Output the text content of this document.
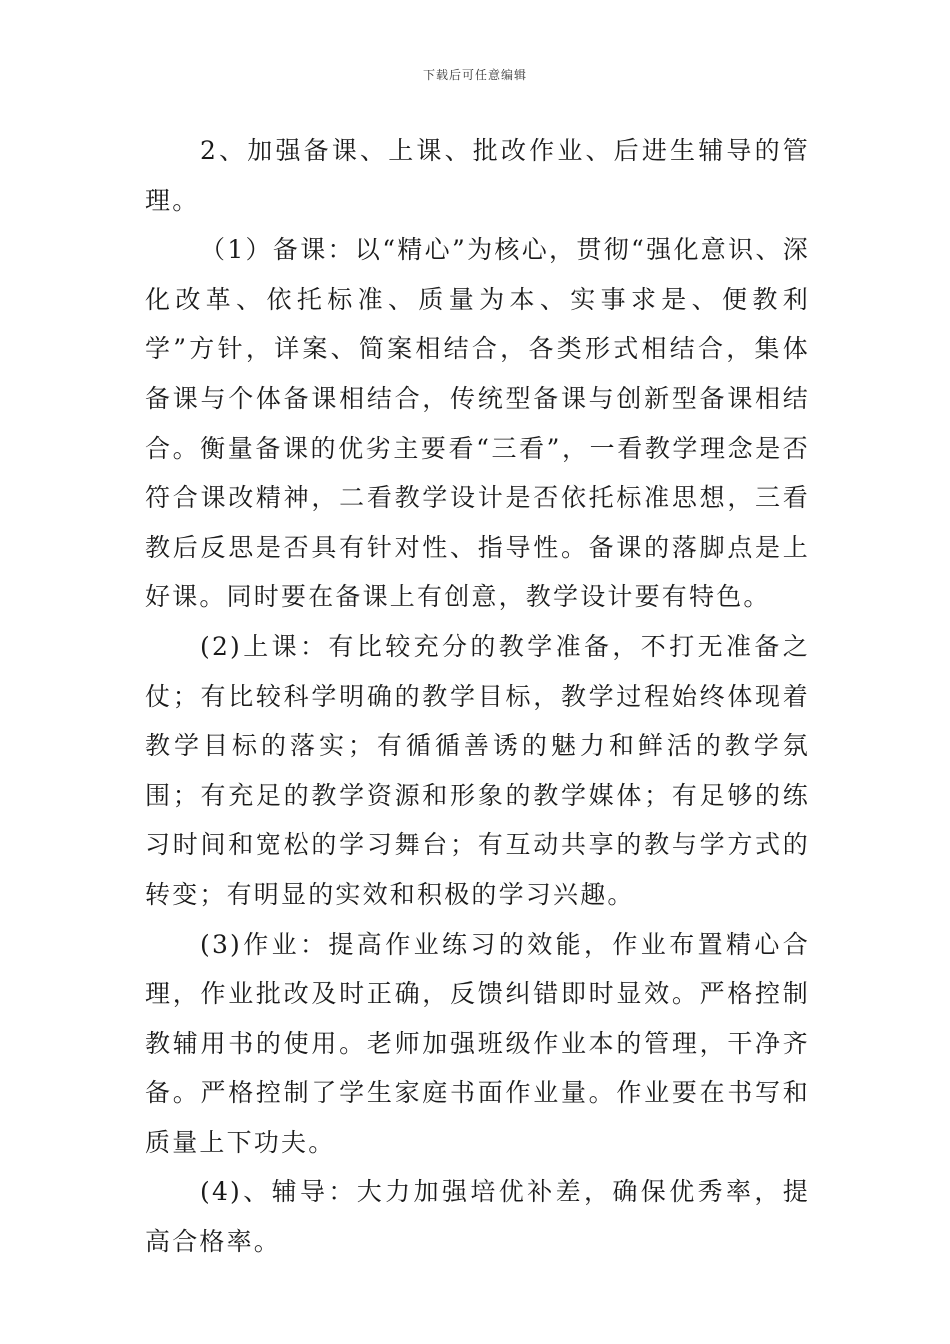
下载后可任意编辑

2、加强备课、上课、批改作业、后进生辅导的管理。

（1）备课：以“精心”为核心，贯彻“强化意识、深化改革、依托标准、质量为本、实事求是、便教利学”方针，详案、简案相结合，各类形式相结合，集体备课与个体备课相结合，传统型备课与创新型备课相结合。衡量备课的优劣主要看“三看”，一看教学理念是否符合课改精神，二看教学设计是否依托标准思想，三看教后反思是否具有针对性、指导性。备课的落脚点是上好课。同时要在备课上有创意，教学设计要有特色。

(2)上课：有比较充分的教学准备，不打无准备之仗；有比较科学明确的教学目标，教学过程始终体现着教学目标的落实；有循循善诱的魅力和鲜活的教学氛围；有充足的教学资源和形象的教学媒体；有足够的练习时间和宽松的学习舞台；有互动共享的教与学方式的转变；有明显的实效和积极的学习兴趣。

(3)作业：提高作业练习的效能，作业布置精心合理，作业批改及时正确，反馈纠错即时显效。严格控制教辅用书的使用。老师加强班级作业本的管理，干净齐备。严格控制了学生家庭书面作业量。作业要在书写和质量上下功夫。

(4)、辅导：大力加强培优补差，确保优秀率，提高合格率。
